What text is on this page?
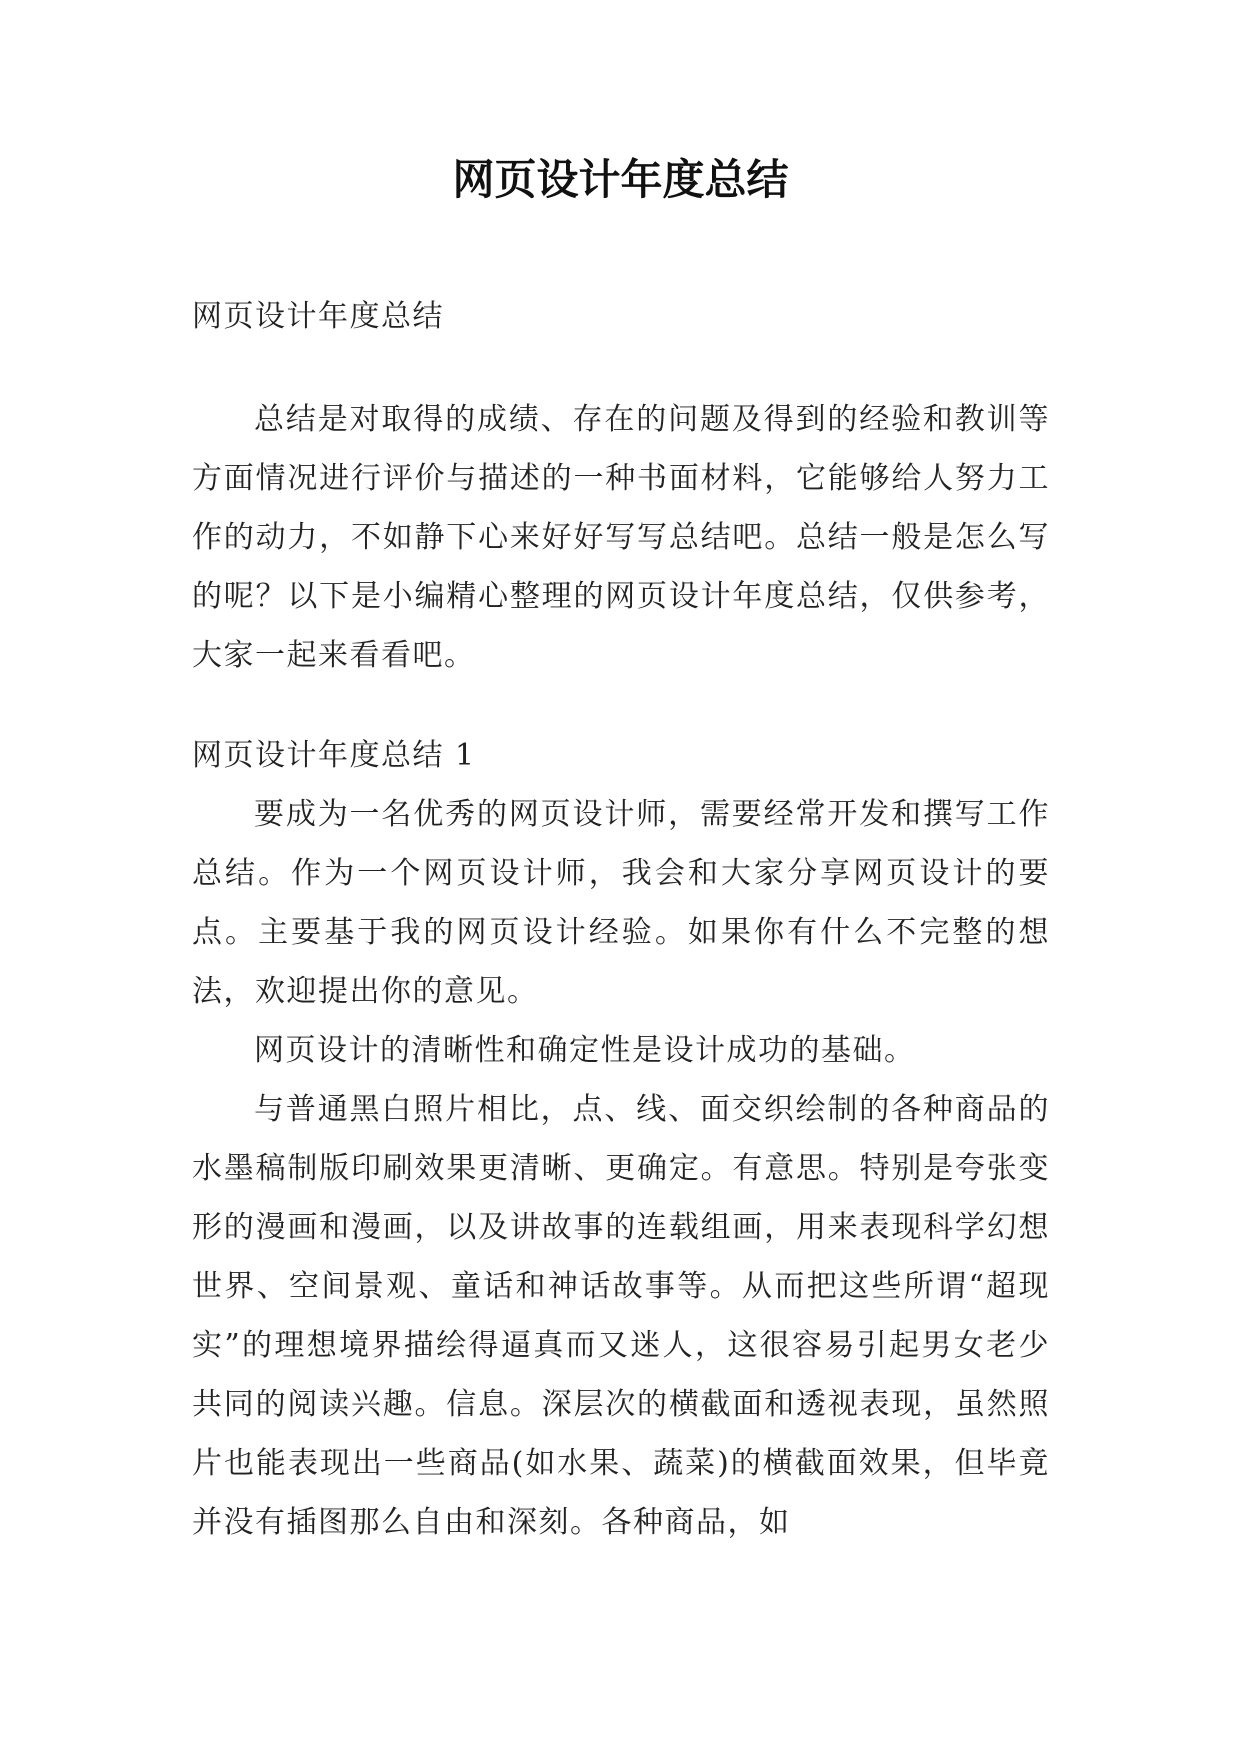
网页设计年度总结

网页设计年度总结

总结是对取得的成绩、存在的问题及得到的经验和教训等方面情况进行评价与描述的一种书面材料，它能够给人努力工作的动力，不如静下心来好好写写总结吧。总结一般是怎么写的呢？以下是小编精心整理的网页设计年度总结，仅供参考，大家一起来看看吧。

网页设计年度总结 1

要成为一名优秀的网页设计师，需要经常开发和撰写工作总结。作为一个网页设计师，我会和大家分享网页设计的要点。主要基于我的网页设计经验。如果你有什么不完整的想法，欢迎提出你的意见。

网页设计的清晰性和确定性是设计成功的基础。

与普通黑白照片相比，点、线、面交织绘制的各种商品的水墨稿制版印刷效果更清晰、更确定。有意思。特别是夸张变形的漫画和漫画，以及讲故事的连载组画，用来表现科学幻想世界、空间景观、童话和神话故事等。从而把这些所谓“超现实”的理想境界描绘得逼真而又迷人，这很容易引起男女老少共同的阅读兴趣。信息。深层次的横截面和透视表现，虽然照片也能表现出一些商品(如水果、蔬菜)的横截面效果，但毕竟并没有插图那么自由和深刻。各种商品，如
